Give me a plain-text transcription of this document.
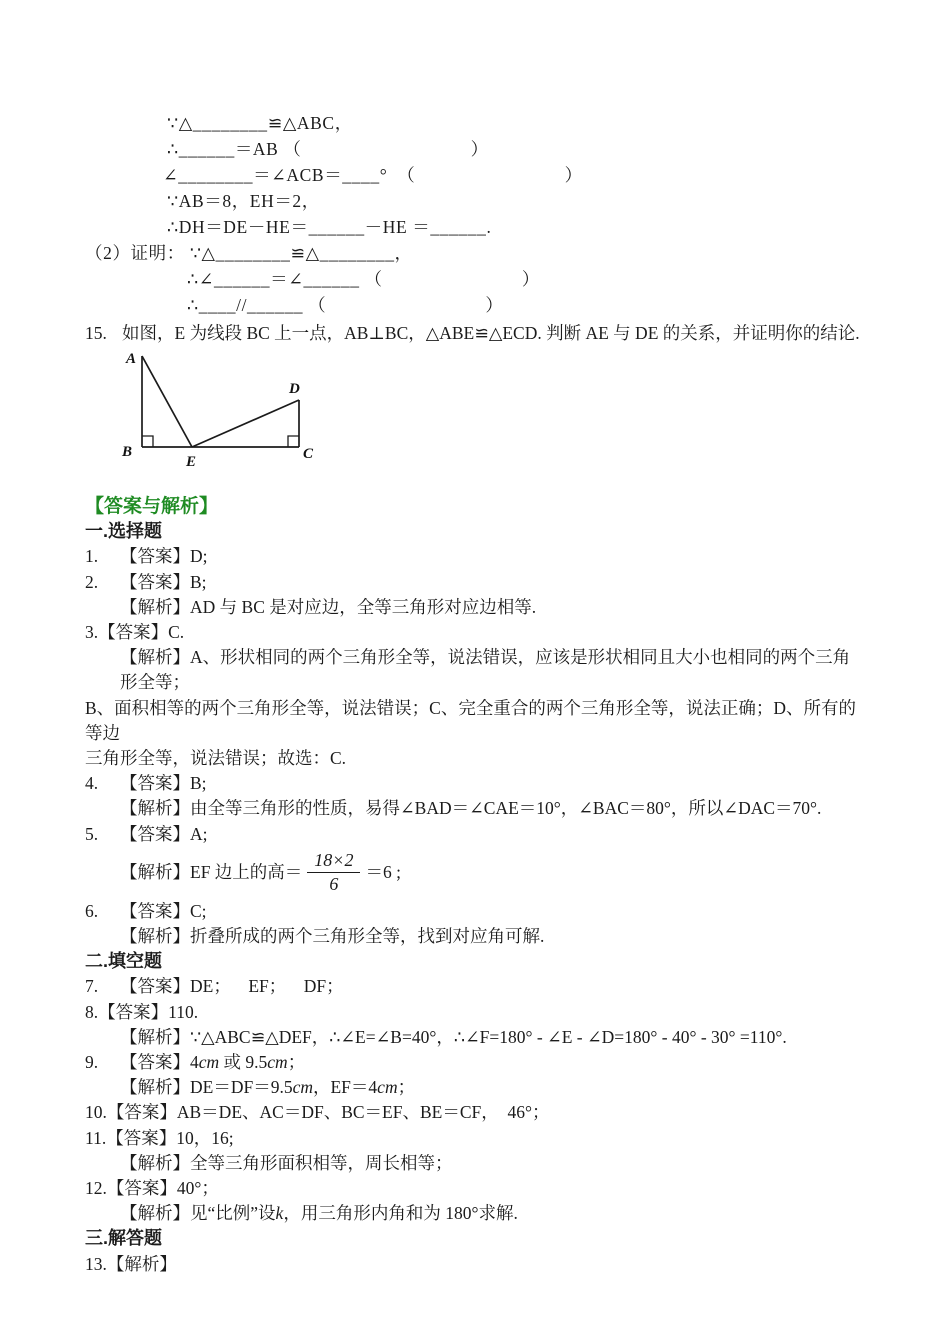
∵△________≌△ABC，
∴______＝AB （                                  ）
∠________＝∠ACB＝____°  （                              ）
∵AB＝8，EH＝2，
∴DH＝DE－HE＝______－HE ＝______.
（2）证明： ∵△________≌△________，
∴∠______＝∠______ （                            ）
∴____//______ （                                ）
15. 如图，E 为线段 BC 上一点，AB⊥BC，△ABE≌△ECD. 判断 AE 与 DE 的关系，并证明你的结论.
A
B
E
D
C
【答案与解析】
一.选择题
1.	【答案】D;
2.	【答案】B;
【解析】AD 与 BC 是对应边，全等三角形对应边相等.
3. 【答案】C.
【解析】A、形状相同的两个三角形全等，说法错误，应该是形状相同且大小也相同的两个三角形全等；
B、面积相等的两个三角形全等，说法错误；C、完全重合的两个三角形全等，说法正确；D、所有的等边
三角形全等，说法错误；故选：C.
4.	【答案】B;
【解析】由全等三角形的性质，易得∠BAD＝∠CAE＝10°，∠BAC＝80°，所以∠DAC＝70°.
5.	【答案】A;
【解析】EF 边上的高＝ $\frac{18\times 2}{6} =6$ ;
6.	【答案】C;
【解析】折叠所成的两个三角形全等，找到对应角可解.
二.填空题
7.	【答案】DE；    EF；    DF；
8. 【答案】110.
【解析】∵△ABC≌△DEF，∴∠E=∠B=40°，∴∠F=180° - ∠E - ∠D=180° - 40° - 30° =110°.
9.	【答案】4cm 或 9.5cm；
【解析】DE＝DF＝9.5cm，EF＝4cm；
10. 【答案】AB＝DE、AC＝DF、BC＝EF、BE＝CF，  46°；
11. 【答案】10，16;
【解析】全等三角形面积相等，周长相等；
12. 【答案】40°；
【解析】见“比例”设k，用三角形内角和为 180°求解.
三.解答题
13. 【解析】
